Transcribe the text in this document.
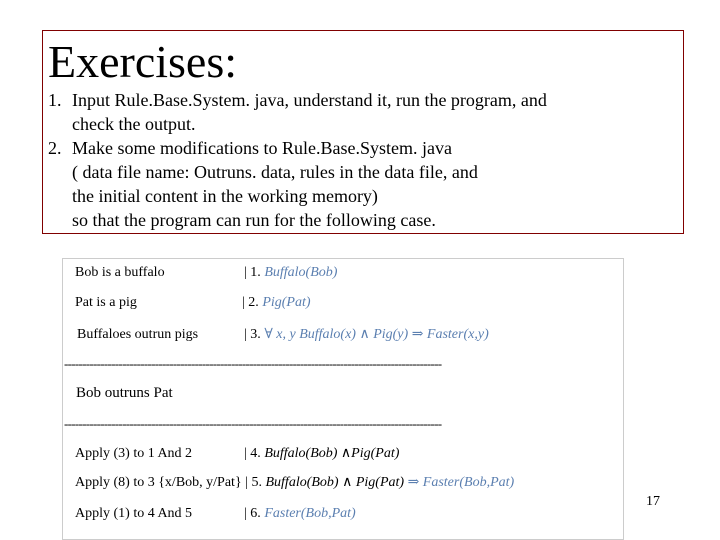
Exercises:
1. Input Rule.Base.System. java, understand it, run the program, and
check the output.
2. Make some modifications to Rule.Base.System. java
( data file name: Outruns. data, rules in the data file, and
the initial content in the working memory)
so that the program can run for the following case.
Bob is a buffalo	| 1. Buffalo(Bob)
Pat is a pig	| 2. Pig(Pat)
Buffaloes outrun pigs	| 3. ∀ x, y Buffalo(x) ∧ Pig(y) ⇒ Faster(x,y)
--------------------------------------------------------------------------------------------------------
Bob outruns Pat
--------------------------------------------------------------------------------------------------------
Apply (3) to 1 And 2	| 4. Buffalo(Bob) ∧Pig(Pat)
Apply (8) to 3 {x/Bob, y/Pat} | 5. Buffalo(Bob) ∧ Pig(Pat) ⇒ Faster(Bob,Pat)
Apply (1) to 4 And 5	| 6. Faster(Bob,Pat)
17
